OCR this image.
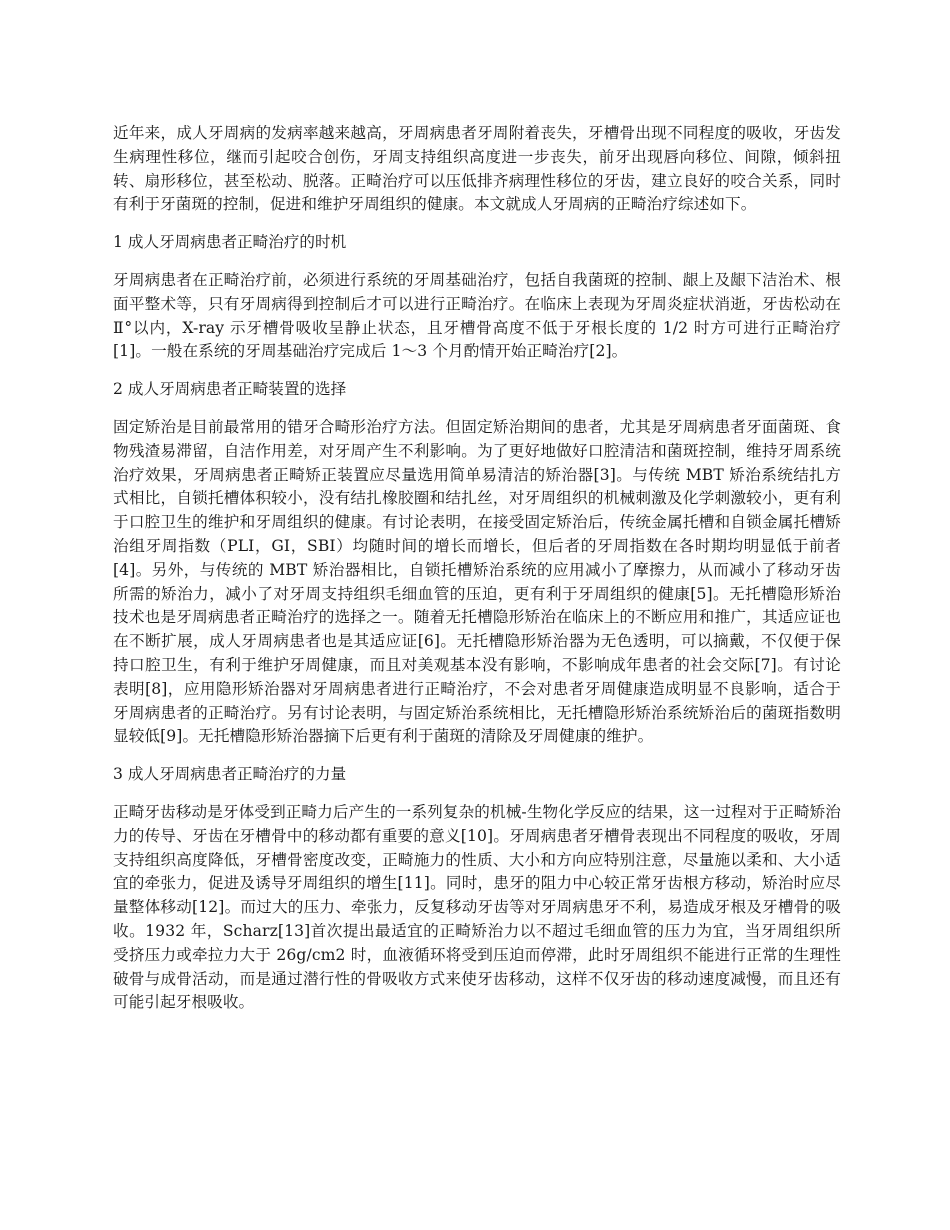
近年来，成人牙周病的发病率越来越高，牙周病患者牙周附着丧失，牙槽骨出现不同程度的吸收，牙齿发生病理性移位，继而引起咬合创伤，牙周支持组织高度进一步丧失，前牙出现唇向移位、间隙，倾斜扭转、扇形移位，甚至松动、脱落。正畸治疗可以压低排齐病理性移位的牙齿，建立良好的咬合关系，同时有利于牙菌斑的控制，促进和维护牙周组织的健康。本文就成人牙周病的正畸治疗综述如下。

1 成人牙周病患者正畸治疗的时机

牙周病患者在正畸治疗前，必须进行系统的牙周基础治疗，包括自我菌斑的控制、龈上及龈下洁治术、根面平整术等，只有牙周病得到控制后才可以进行正畸治疗。在临床上表现为牙周炎症状消逝，牙齿松动在Ⅱ°以内，X-ray 示牙槽骨吸收呈静止状态，且牙槽骨高度不低于牙根长度的 1/2 时方可进行正畸治疗[1]。一般在系统的牙周基础治疗完成后 1～3 个月酌情开始正畸治疗[2]。

2 成人牙周病患者正畸装置的选择

固定矫治是目前最常用的错牙合畸形治疗方法。但固定矫治期间的患者，尤其是牙周病患者牙面菌斑、食物残渣易滞留，自洁作用差，对牙周产生不利影响。为了更好地做好口腔清洁和菌斑控制，维持牙周系统治疗效果，牙周病患者正畸矫正装置应尽量选用简单易清洁的矫治器[3]。与传统 MBT 矫治系统结扎方式相比，自锁托槽体积较小，没有结扎橡胶圈和结扎丝，对牙周组织的机械刺激及化学刺激较小，更有利于口腔卫生的维护和牙周组织的健康。有讨论表明，在接受固定矫治后，传统金属托槽和自锁金属托槽矫治组牙周指数（PLI，GI，SBI）均随时间的增长而增长，但后者的牙周指数在各时期均明显低于前者[4]。另外，与传统的 MBT 矫治器相比，自锁托槽矫治系统的应用减小了摩擦力，从而减小了移动牙齿所需的矫治力，减小了对牙周支持组织毛细血管的压迫，更有利于牙周组织的健康[5]。无托槽隐形矫治技术也是牙周病患者正畸治疗的选择之一。随着无托槽隐形矫治在临床上的不断应用和推广，其适应证也在不断扩展，成人牙周病患者也是其适应证[6]。无托槽隐形矫治器为无色透明，可以摘戴，不仅便于保持口腔卫生，有利于维护牙周健康，而且对美观基本没有影响，不影响成年患者的社会交际[7]。有讨论表明[8]，应用隐形矫治器对牙周病患者进行正畸治疗，不会对患者牙周健康造成明显不良影响，适合于牙周病患者的正畸治疗。另有讨论表明，与固定矫治系统相比，无托槽隐形矫治系统矫治后的菌斑指数明显较低[9]。无托槽隐形矫治器摘下后更有利于菌斑的清除及牙周健康的维护。

3 成人牙周病患者正畸治疗的力量

正畸牙齿移动是牙体受到正畸力后产生的一系列复杂的机械-生物化学反应的结果，这一过程对于正畸矫治力的传导、牙齿在牙槽骨中的移动都有重要的意义[10]。牙周病患者牙槽骨表现出不同程度的吸收，牙周支持组织高度降低，牙槽骨密度改变，正畸施力的性质、大小和方向应特别注意，尽量施以柔和、大小适宜的牵张力，促进及诱导牙周组织的增生[11]。同时，患牙的阻力中心较正常牙齿根方移动，矫治时应尽量整体移动[12]。而过大的压力、牵张力，反复移动牙齿等对牙周病患牙不利，易造成牙根及牙槽骨的吸收。1932 年，Scharz[13]首次提出最适宜的正畸矫治力以不超过毛细血管的压力为宜，当牙周组织所受挤压力或牵拉力大于 26g/cm2 时，血液循环将受到压迫而停滞，此时牙周组织不能进行正常的生理性破骨与成骨活动，而是通过潜行性的骨吸收方式来使牙齿移动，这样不仅牙齿的移动速度减慢，而且还有可能引起牙根吸收。
